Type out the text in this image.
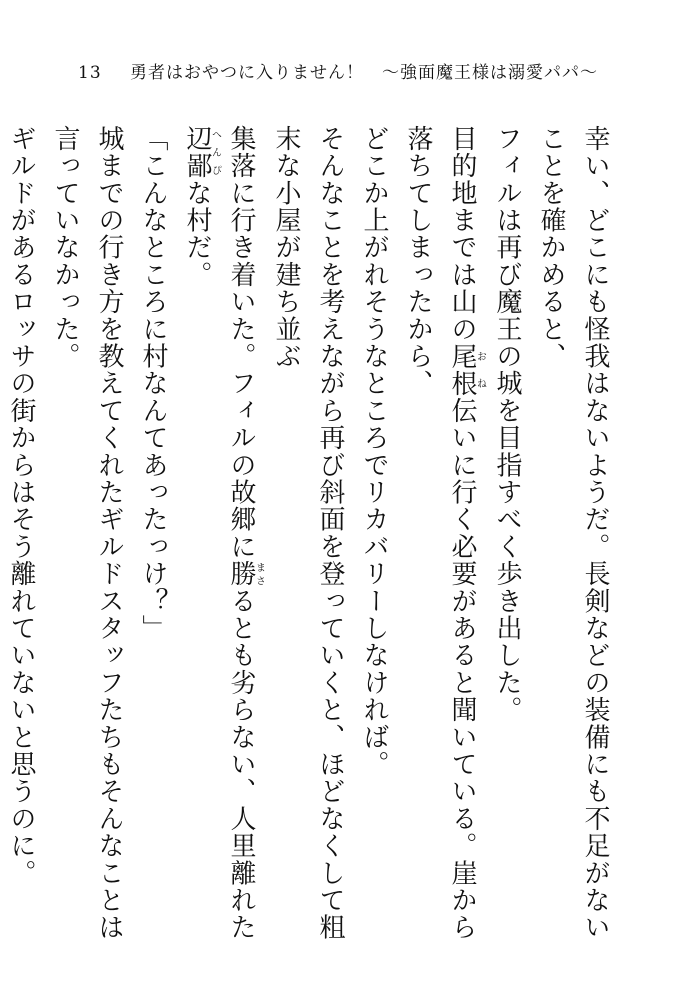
13 勇者はおやつに入りません！　～強面魔王様は溺愛パパ～

幸い、どこにも怪我はないようだ。長剣などの装備にも不足がないことを確かめると、

フィルは再び魔王の城を目指すべく歩き出した。

目的地までは山の尾根おね伝いに行く必要があると聞いている。崖から落ちてしまったから、

どこか上がれそうなところでリカバリーしなければ。

そんなことを考えながら再び斜面を登っていくと、ほどなくして粗末な小屋が建ち並ぶ

集落に行き着いた。フィルの故郷に勝まさるとも劣らない、人里離れた辺鄙へんぴな村だ。

「こんなところに村なんてあったっけ？」

城までの行き方を教えてくれたギルドスタッフたちもそんなことは言っていなかった。

ギルドがあるロッサの街からはそう離れていないと思うのに。
